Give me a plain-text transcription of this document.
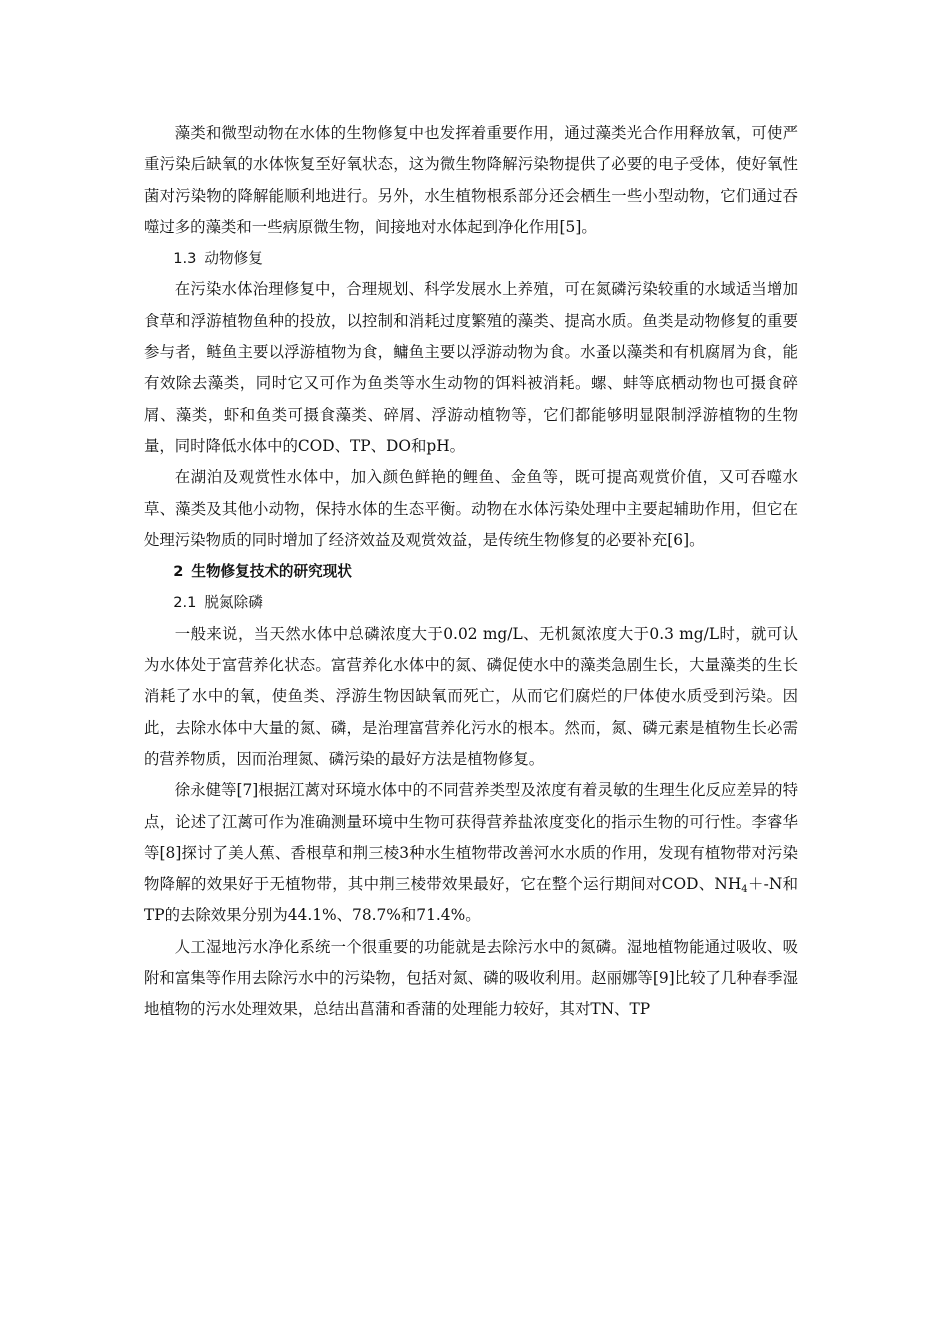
藻类和微型动物在水体的生物修复中也发挥着重要作用，通过藻类光合作用释放氧，可使严重污染后缺氧的水体恢复至好氧状态，这为微生物降解污染物提供了必要的电子受体，使好氧性菌对污染物的降解能顺利地进行。另外，水生植物根系部分还会栖生一些小型动物，它们通过吞噬过多的藻类和一些病原微生物，间接地对水体起到净化作用[5]。

1.3 动物修复

在污染水体治理修复中，合理规划、科学发展水上养殖，可在氮磷污染较重的水域适当增加食草和浮游植物鱼种的投放，以控制和消耗过度繁殖的藻类、提高水质。鱼类是动物修复的重要参与者，鲢鱼主要以浮游植物为食，鳙鱼主要以浮游动物为食。水蚤以藻类和有机腐屑为食，能有效除去藻类，同时它又可作为鱼类等水生动物的饵料被消耗。螺、蚌等底栖动物也可摄食碎屑、藻类，虾和鱼类可摄食藻类、碎屑、浮游动植物等，它们都能够明显限制浮游植物的生物量，同时降低水体中的COD、TP、DO和pH。

在湖泊及观赏性水体中，加入颜色鲜艳的鲤鱼、金鱼等，既可提高观赏价值，又可吞噬水草、藻类及其他小动物，保持水体的生态平衡。动物在水体污染处理中主要起辅助作用，但它在处理污染物质的同时增加了经济效益及观赏效益，是传统生物修复的必要补充[6]。

2 生物修复技术的研究现状

2.1 脱氮除磷

一般来说，当天然水体中总磷浓度大于0.02 mg/L、无机氮浓度大于0.3 mg/L时，就可认为水体处于富营养化状态。富营养化水体中的氮、磷促使水中的藻类急剧生长，大量藻类的生长消耗了水中的氧，使鱼类、浮游生物因缺氧而死亡，从而它们腐烂的尸体使水质受到污染。因此，去除水体中大量的氮、磷，是治理富营养化污水的根本。然而，氮、磷元素是植物生长必需的营养物质，因而治理氮、磷污染的最好方法是植物修复。

徐永健等[7]根据江蓠对环境水体中的不同营养类型及浓度有着灵敏的生理生化反应差异的特点，论述了江蓠可作为准确测量环境中生物可获得营养盐浓度变化的指示生物的可行性。李睿华等[8]探讨了美人蕉、香根草和荆三棱3种水生植物带改善河水水质的作用，发现有植物带对污染物降解的效果好于无植物带，其中荆三棱带效果最好，它在整个运行期间对COD、$NH_4+-N$和TP的去除效果分别为44.1%、78.7%和71.4%。

人工湿地污水净化系统一个很重要的功能就是去除污水中的氮磷。湿地植物能通过吸收、吸附和富集等作用去除污水中的污染物，包括对氮、磷的吸收利用。赵丽娜等[9]比较了几种春季湿地植物的污水处理效果，总结出菖蒲和香蒲的处理能力较好，其对TN、TP
